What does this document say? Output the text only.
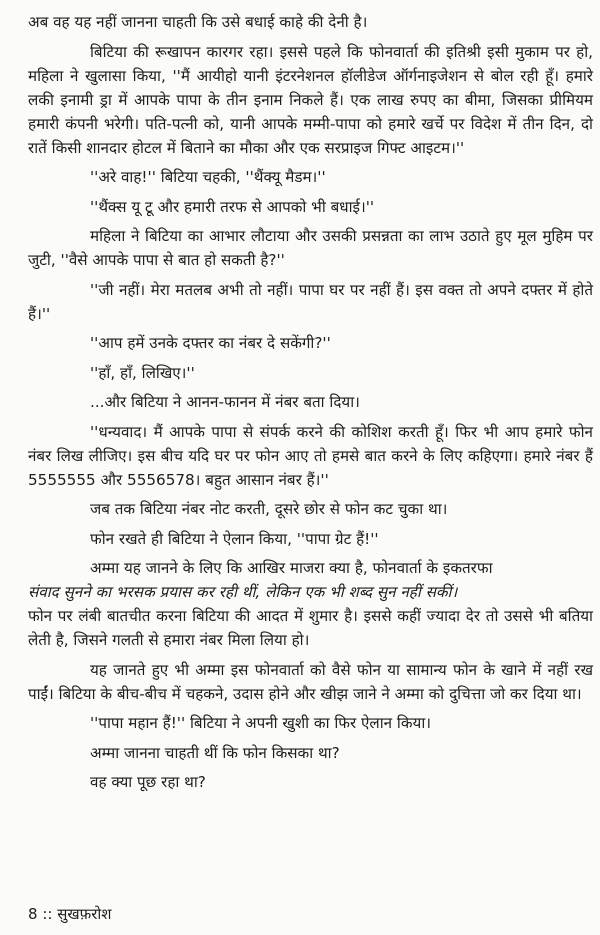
अब वह यह नहीं जानना चाहती कि उसे बधाई काहे की देनी है।

बिटिया की रूखापन कारगर रहा। इससे पहले कि फोनवार्ता की इतिश्री इसी मुकाम पर हो, महिला ने खुलासा किया, ''मैं आयीहो यानी इंटरनेशनल हॉलीडेज ऑर्गनाइजेशन से बोल रही हूँ। हमारे लकी इनामी ड्रा में आपके पापा के तीन इनाम निकले हैं। एक लाख रुपए का बीमा, जिसका प्रीमियम हमारी कंपनी भरेगी। पति-पत्नी को, यानी आपके मम्मी-पापा को हमारे खर्चे पर विदेश में तीन दिन, दो रातें किसी शानदार होटल में बिताने का मौका और एक सरप्राइज गिफ्ट आइटम।''

''अरे वाह!'' बिटिया चहकी, ''थैंक्यू मैडम।''

''थैंक्स यू टू और हमारी तरफ से आपको भी बधाई।''

महिला ने बिटिया का आभार लौटाया और उसकी प्रसन्नता का लाभ उठाते हुए मूल मुहिम पर जुटी, ''वैसे आपके पापा से बात हो सकती है?''

''जी नहीं। मेरा मतलब अभी तो नहीं। पापा घर पर नहीं हैं। इस वक्त तो अपने दफ्तर में होते हैं।''

''आप हमें उनके दफ्तर का नंबर दे सकेंगी?''

''हाँ, हाँ, लिखिए।''

...और बिटिया ने आनन-फानन में नंबर बता दिया।

''धन्यवाद। मैं आपके पापा से संपर्क करने की कोशिश करती हूँ। फिर भी आप हमारे फोन नंबर लिख लीजिए। इस बीच यदि घर पर फोन आए तो हमसे बात करने के लिए कहिएगा। हमारे नंबर हैं 5555555 और 5556578। बहुत आसान नंबर हैं।''

जब तक बिटिया नंबर नोट करती, दूसरे छोर से फोन कट चुका था।

फोन रखते ही बिटिया ने ऐलान किया, ''पापा ग्रेट हैं!''

अम्मा यह जानने के लिए कि आखिर माजरा क्या है, फोनवार्ता के इकतरफा

संवाद सुनने का भरसक प्रयास कर रही थीं, लेकिन एक भी शब्द सुन नहीं सकीं।

फोन पर लंबी बातचीत करना बिटिया की आदत में शुमार है। इससे कहीं ज्यादा देर तो उससे भी बतिया लेती है, जिसने गलती से हमारा नंबर मिला लिया हो।

यह जानते हुए भी अम्मा इस फोनवार्ता को वैसे फोन या सामान्य फोन के खाने में नहीं रख पाईं। बिटिया के बीच-बीच में चहकने, उदास होने और खीझ जाने ने अम्मा को दुचित्ता जो कर दिया था।

''पापा महान हैं!'' बिटिया ने अपनी खुशी का फिर ऐलान किया।

अम्मा जानना चाहती थीं कि फोन किसका था?

वह क्या पूछ रहा था?

8 :: सुखफ़रोश
